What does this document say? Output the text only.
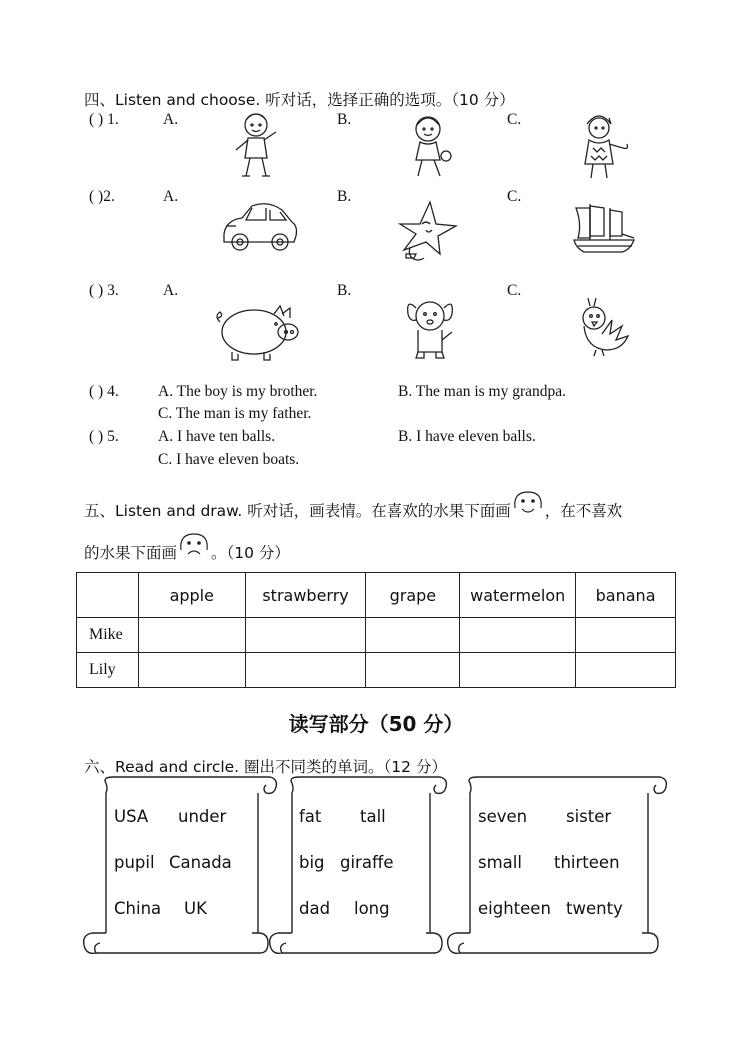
四、Listen and choose. 听对话，选择正确的选项。（10 分）
( ) 1.	A.	B.	C.
( )2.	A.	B.	C.
( ) 3.	A.	B.	C.
( ) 4.	A. The boy is my brother.	B. The man is my grandpa.
C. The man is my father.
( ) 5.	A. I have ten balls.	B. I have eleven balls.
C. I have eleven boats.
五、Listen and draw. 听对话，画表情。在喜欢的水果下面画 ，在不喜欢
的水果下面画 。（10 分）
	apple	strawberry	grape	watermelon	banana
Mike					
Lily					
读写部分（50 分）
六、Read and circle. 圈出不同类的单词。（12 分）
USA under
pupil Canada
China UK
fat tall
big giraffe
dad long
seven sister
small thirteen
eighteen twenty
